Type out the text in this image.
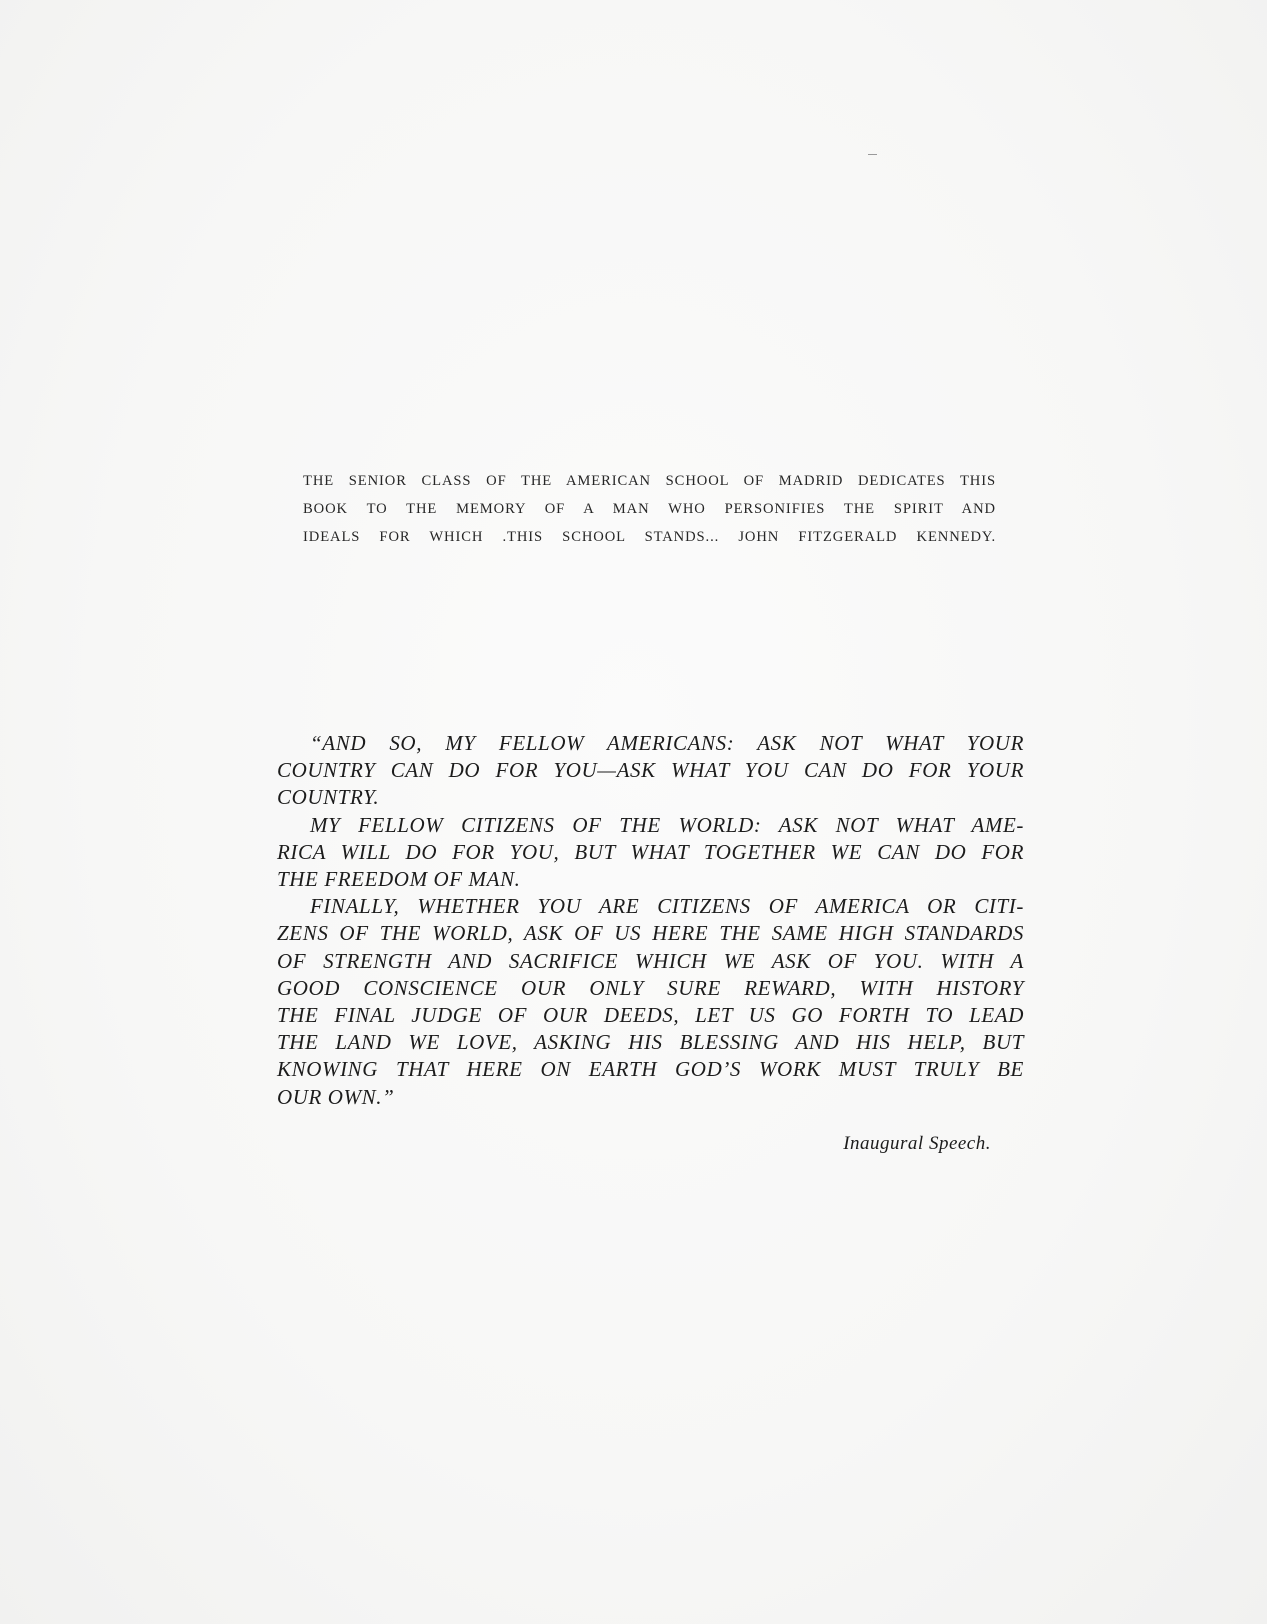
THE SENIOR CLASS OF THE AMERICAN SCHOOL OF MADRID DEDICATES THIS
BOOK TO THE MEMORY OF A MAN WHO PERSONIFIES THE SPIRIT AND
IDEALS FOR WHICH .THIS SCHOOL STANDS... JOHN FITZGERALD KENNEDY.
“AND SO, MY FELLOW AMERICANS: ASK NOT WHAT YOUR
COUNTRY CAN DO FOR YOU—ASK WHAT YOU CAN DO FOR YOUR
COUNTRY.
MY FELLOW CITIZENS OF THE WORLD: ASK NOT WHAT AME-
RICA WILL DO FOR YOU, BUT WHAT TOGETHER WE CAN DO FOR
THE FREEDOM OF MAN.
FINALLY, WHETHER YOU ARE CITIZENS OF AMERICA OR CITI-
ZENS OF THE WORLD, ASK OF US HERE THE SAME HIGH STANDARDS
OF STRENGTH AND SACRIFICE WHICH WE ASK OF YOU. WITH A
GOOD CONSCIENCE OUR ONLY SURE REWARD, WITH HISTORY
THE FINAL JUDGE OF OUR DEEDS, LET US GO FORTH TO LEAD
THE LAND WE LOVE, ASKING HIS BLESSING AND HIS HELP, BUT
KNOWING THAT HERE ON EARTH GOD’S WORK MUST TRULY BE
OUR OWN.”
Inaugural Speech.
